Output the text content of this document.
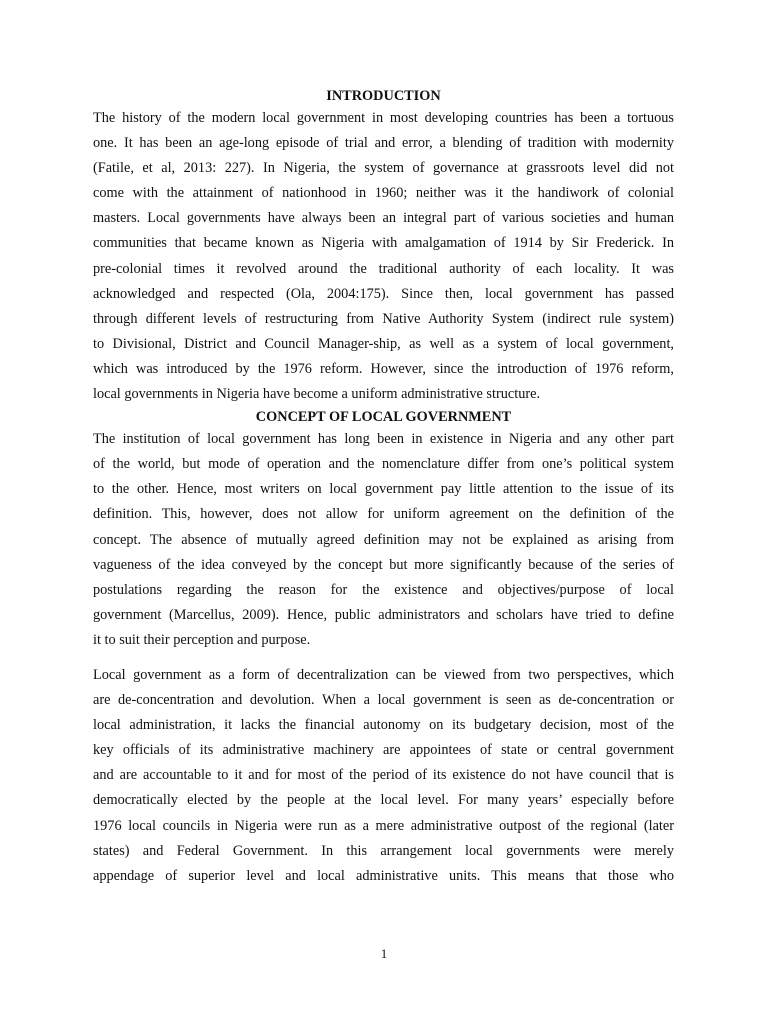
INTRODUCTION
The history of the modern local government in most developing countries has been a tortuous
one. It has been an age-long episode of trial and error, a blending of tradition with modernity
(Fatile, et al, 2013: 227). In Nigeria, the system of governance at grassroots level did not
come with the attainment of nationhood in 1960; neither was it the handiwork of colonial
masters. Local governments have always been an integral part of various societies and human
communities that became known as Nigeria with amalgamation of 1914 by Sir Frederick. In
pre-colonial times it revolved around the traditional authority of each locality. It was
acknowledged and respected (Ola, 2004:175). Since then, local government has passed
through different levels of restructuring from Native Authority System (indirect rule system)
to Divisional, District and Council Manager-ship, as well as a system of local government,
which was introduced by the 1976 reform. However, since the introduction of 1976 reform,
local governments in Nigeria have become a uniform administrative structure.
CONCEPT OF LOCAL GOVERNMENT
The institution of local government has long been in existence in Nigeria and any other part
of the world, but mode of operation and the nomenclature differ from one’s political system
to the other. Hence, most writers on local government pay little attention to the issue of its
definition. This, however, does not allow for uniform agreement on the definition of the
concept. The absence of mutually agreed definition may not be explained as arising from
vagueness of the idea conveyed by the concept but more significantly because of the series of
postulations regarding the reason for the existence and objectives/purpose of local
government (Marcellus, 2009). Hence, public administrators and scholars have tried to define
it to suit their perception and purpose.
Local government as a form of decentralization can be viewed from two perspectives, which
are de-concentration and devolution. When a local government is seen as de-concentration or
local administration, it lacks the financial autonomy on its budgetary decision, most of the
key officials of its administrative machinery are appointees of state or central government
and are accountable to it and for most of the period of its existence do not have council that is
democratically elected by the people at the local level. For many years’ especially before
1976 local councils in Nigeria were run as a mere administrative outpost of the regional (later
states) and Federal Government. In this arrangement local governments were merely
appendage of superior level and local administrative units. This means that those who
1
